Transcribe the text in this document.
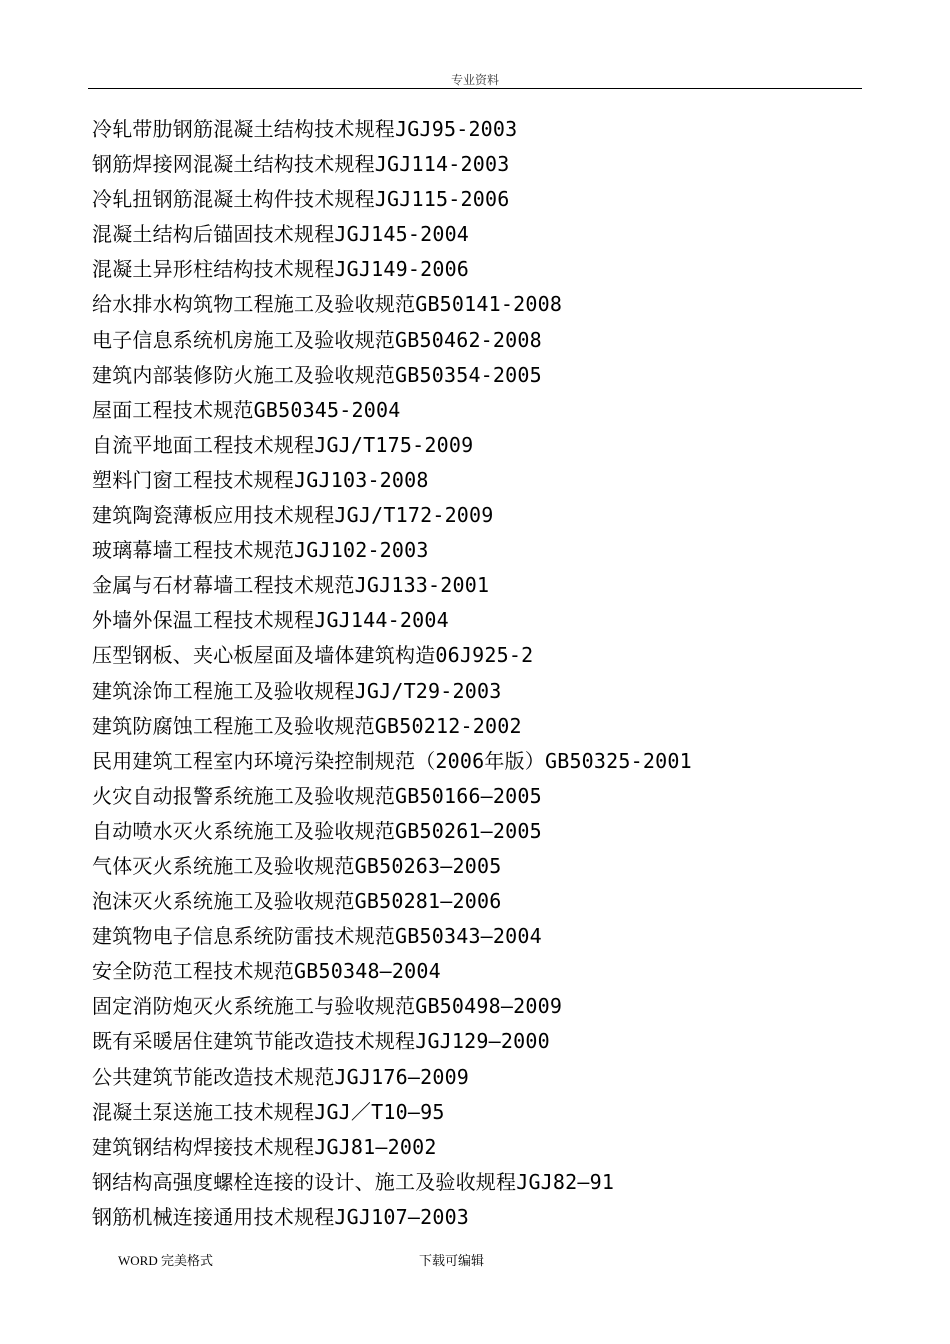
专业资料
冷轧带肋钢筋混凝土结构技术规程JGJ95-2003
钢筋焊接网混凝土结构技术规程JGJ114-2003
冷轧扭钢筋混凝土构件技术规程JGJ115-2006
混凝土结构后锚固技术规程JGJ145-2004
混凝土异形柱结构技术规程JGJ149-2006
给水排水构筑物工程施工及验收规范GB50141-2008
电子信息系统机房施工及验收规范GB50462-2008
建筑内部装修防火施工及验收规范GB50354-2005
屋面工程技术规范GB50345-2004
自流平地面工程技术规程JGJ/T175-2009
塑料门窗工程技术规程JGJ103-2008
建筑陶瓷薄板应用技术规程JGJ/T172-2009
玻璃幕墙工程技术规范JGJ102-2003
金属与石材幕墙工程技术规范JGJ133-2001
外墙外保温工程技术规程JGJ144-2004
压型钢板、夹心板屋面及墙体建筑构造06J925-2
建筑涂饰工程施工及验收规程JGJ/T29-2003
建筑防腐蚀工程施工及验收规范GB50212-2002
民用建筑工程室内环境污染控制规范（2006年版）GB50325-2001
火灾自动报警系统施工及验收规范GB50166—2005
自动喷水灭火系统施工及验收规范GB50261—2005
气体灭火系统施工及验收规范GB50263—2005
泡沫灭火系统施工及验收规范GB50281—2006
建筑物电子信息系统防雷技术规范GB50343—2004
安全防范工程技术规范GB50348—2004
固定消防炮灭火系统施工与验收规范GB50498—2009
既有采暖居住建筑节能改造技术规程JGJ129—2000
公共建筑节能改造技术规范JGJ176—2009
混凝土泵送施工技术规程JGJ／T10—95
建筑钢结构焊接技术规程JGJ81—2002
钢结构高强度螺栓连接的设计、施工及验收规程JGJ82—91
钢筋机械连接通用技术规程JGJ107—2003
WORD 完美格式	下载可编辑
